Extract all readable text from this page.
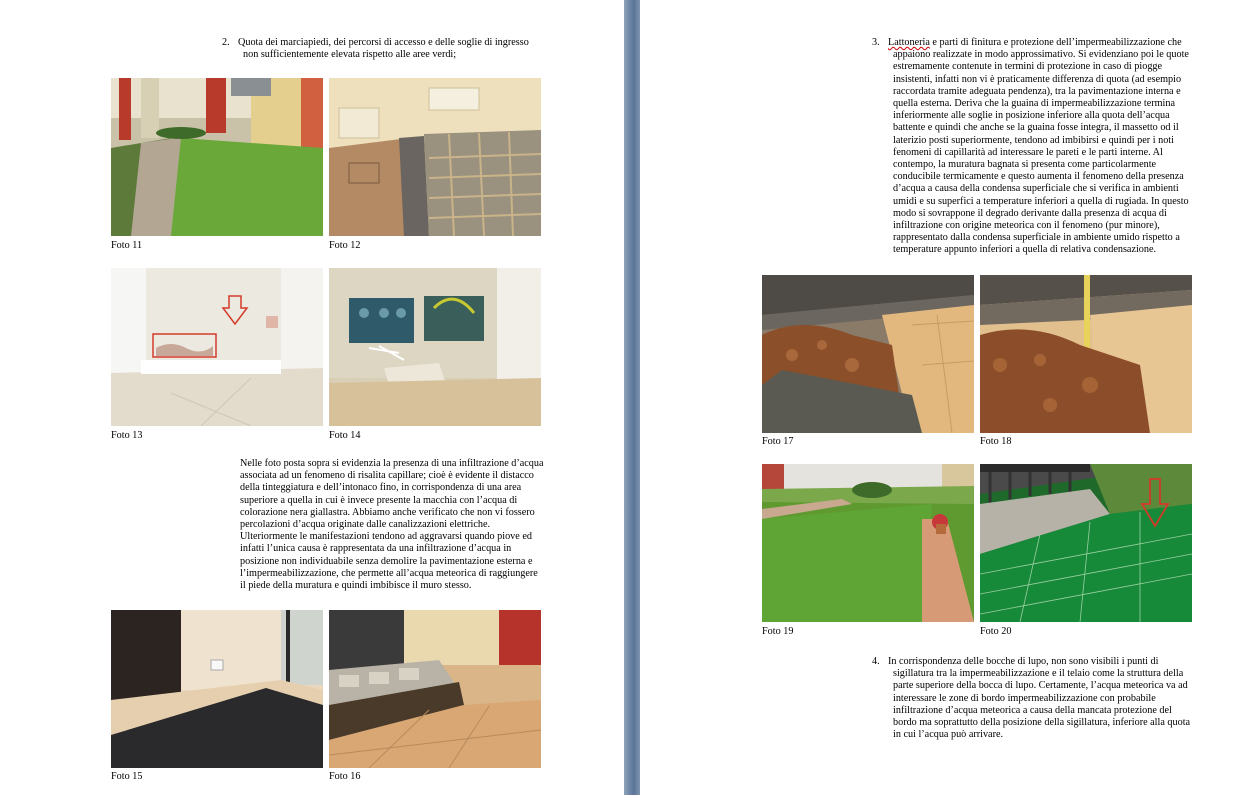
2. Quota dei marciapiedi, dei percorsi di accesso e delle soglie di ingresso
non sufficientemente elevata rispetto alle aree verdi;
Foto 11	Foto 12
Foto 13	Foto 14
Nelle foto posta sopra si evidenzia la presenza di una infiltrazione d’acqua
associata ad un fenomeno di risalita capillare; cioè è evidente il distacco
della tinteggiatura e dell’intonaco fino, in corrispondenza di una area
superiore a quella in cui è invece presente la macchia con l’acqua di
colorazione nera giallastra. Abbiamo anche verificato che non vi fossero
percolazioni d’acqua originate dalle canalizzazioni elettriche.
Ulteriormente le manifestazioni tendono ad aggravarsi quando piove ed
infatti l’unica causa è rappresentata da una infiltrazione d’acqua in
posizione non individuabile senza demolire la pavimentazione esterna e
l’impermeabilizzazione, che permette all’acqua meteorica di raggiungere
il piede della muratura e quindi imbibisce il muro stesso.
Foto 15	Foto 16
3. Lattoneria e parti di finitura e protezione dell’impermeabilizzazione che
appaiono realizzate in modo approssimativo. Si evidenziano poi le quote
estremamente contenute in termini di protezione in caso di piogge
insistenti, infatti non vi è praticamente differenza di quota (ad esempio
raccordata tramite adeguata pendenza), tra la pavimentazione interna e
quella esterna. Deriva che la guaina di impermeabilizzazione termina
inferiormente alle soglie in posizione inferiore alla quota dell’acqua
battente e quindi che anche se la guaina fosse integra, il massetto od il
laterizio posti superiormente, tendono ad imbibirsi e quindi per i noti
fenomeni di capillarità ad interessare le pareti e le parti interne. Al
contempo, la muratura bagnata si presenta come particolarmente
conducibile termicamente e questo aumenta il fenomeno della presenza
d’acqua a causa della condensa superficiale che si verifica in ambienti
umidi e su superfici a temperature inferiori a quella di rugiada. In questo
modo si sovrappone il degrado derivante dalla presenza di acqua di
infiltrazione con origine meteorica con il fenomeno (pur minore),
rappresentato dalla condensa superficiale in ambiente umido rispetto a
temperature appunto inferiori a quella di relativa condensazione.
Foto 17	Foto 18
Foto 19	Foto 20
4. In corrispondenza delle bocche di lupo, non sono visibili i punti di
sigillatura tra la impermeabilizzazione e il telaio come la struttura della
parte superiore della bocca di lupo. Certamente, l’acqua meteorica va ad
interessare le zone di bordo impermeabilizzazione con probabile
infiltrazione d’acqua meteorica a causa della mancata protezione del
bordo ma soprattutto della posizione della sigillatura, inferiore alla quota
in cui l’acqua può arrivare.
